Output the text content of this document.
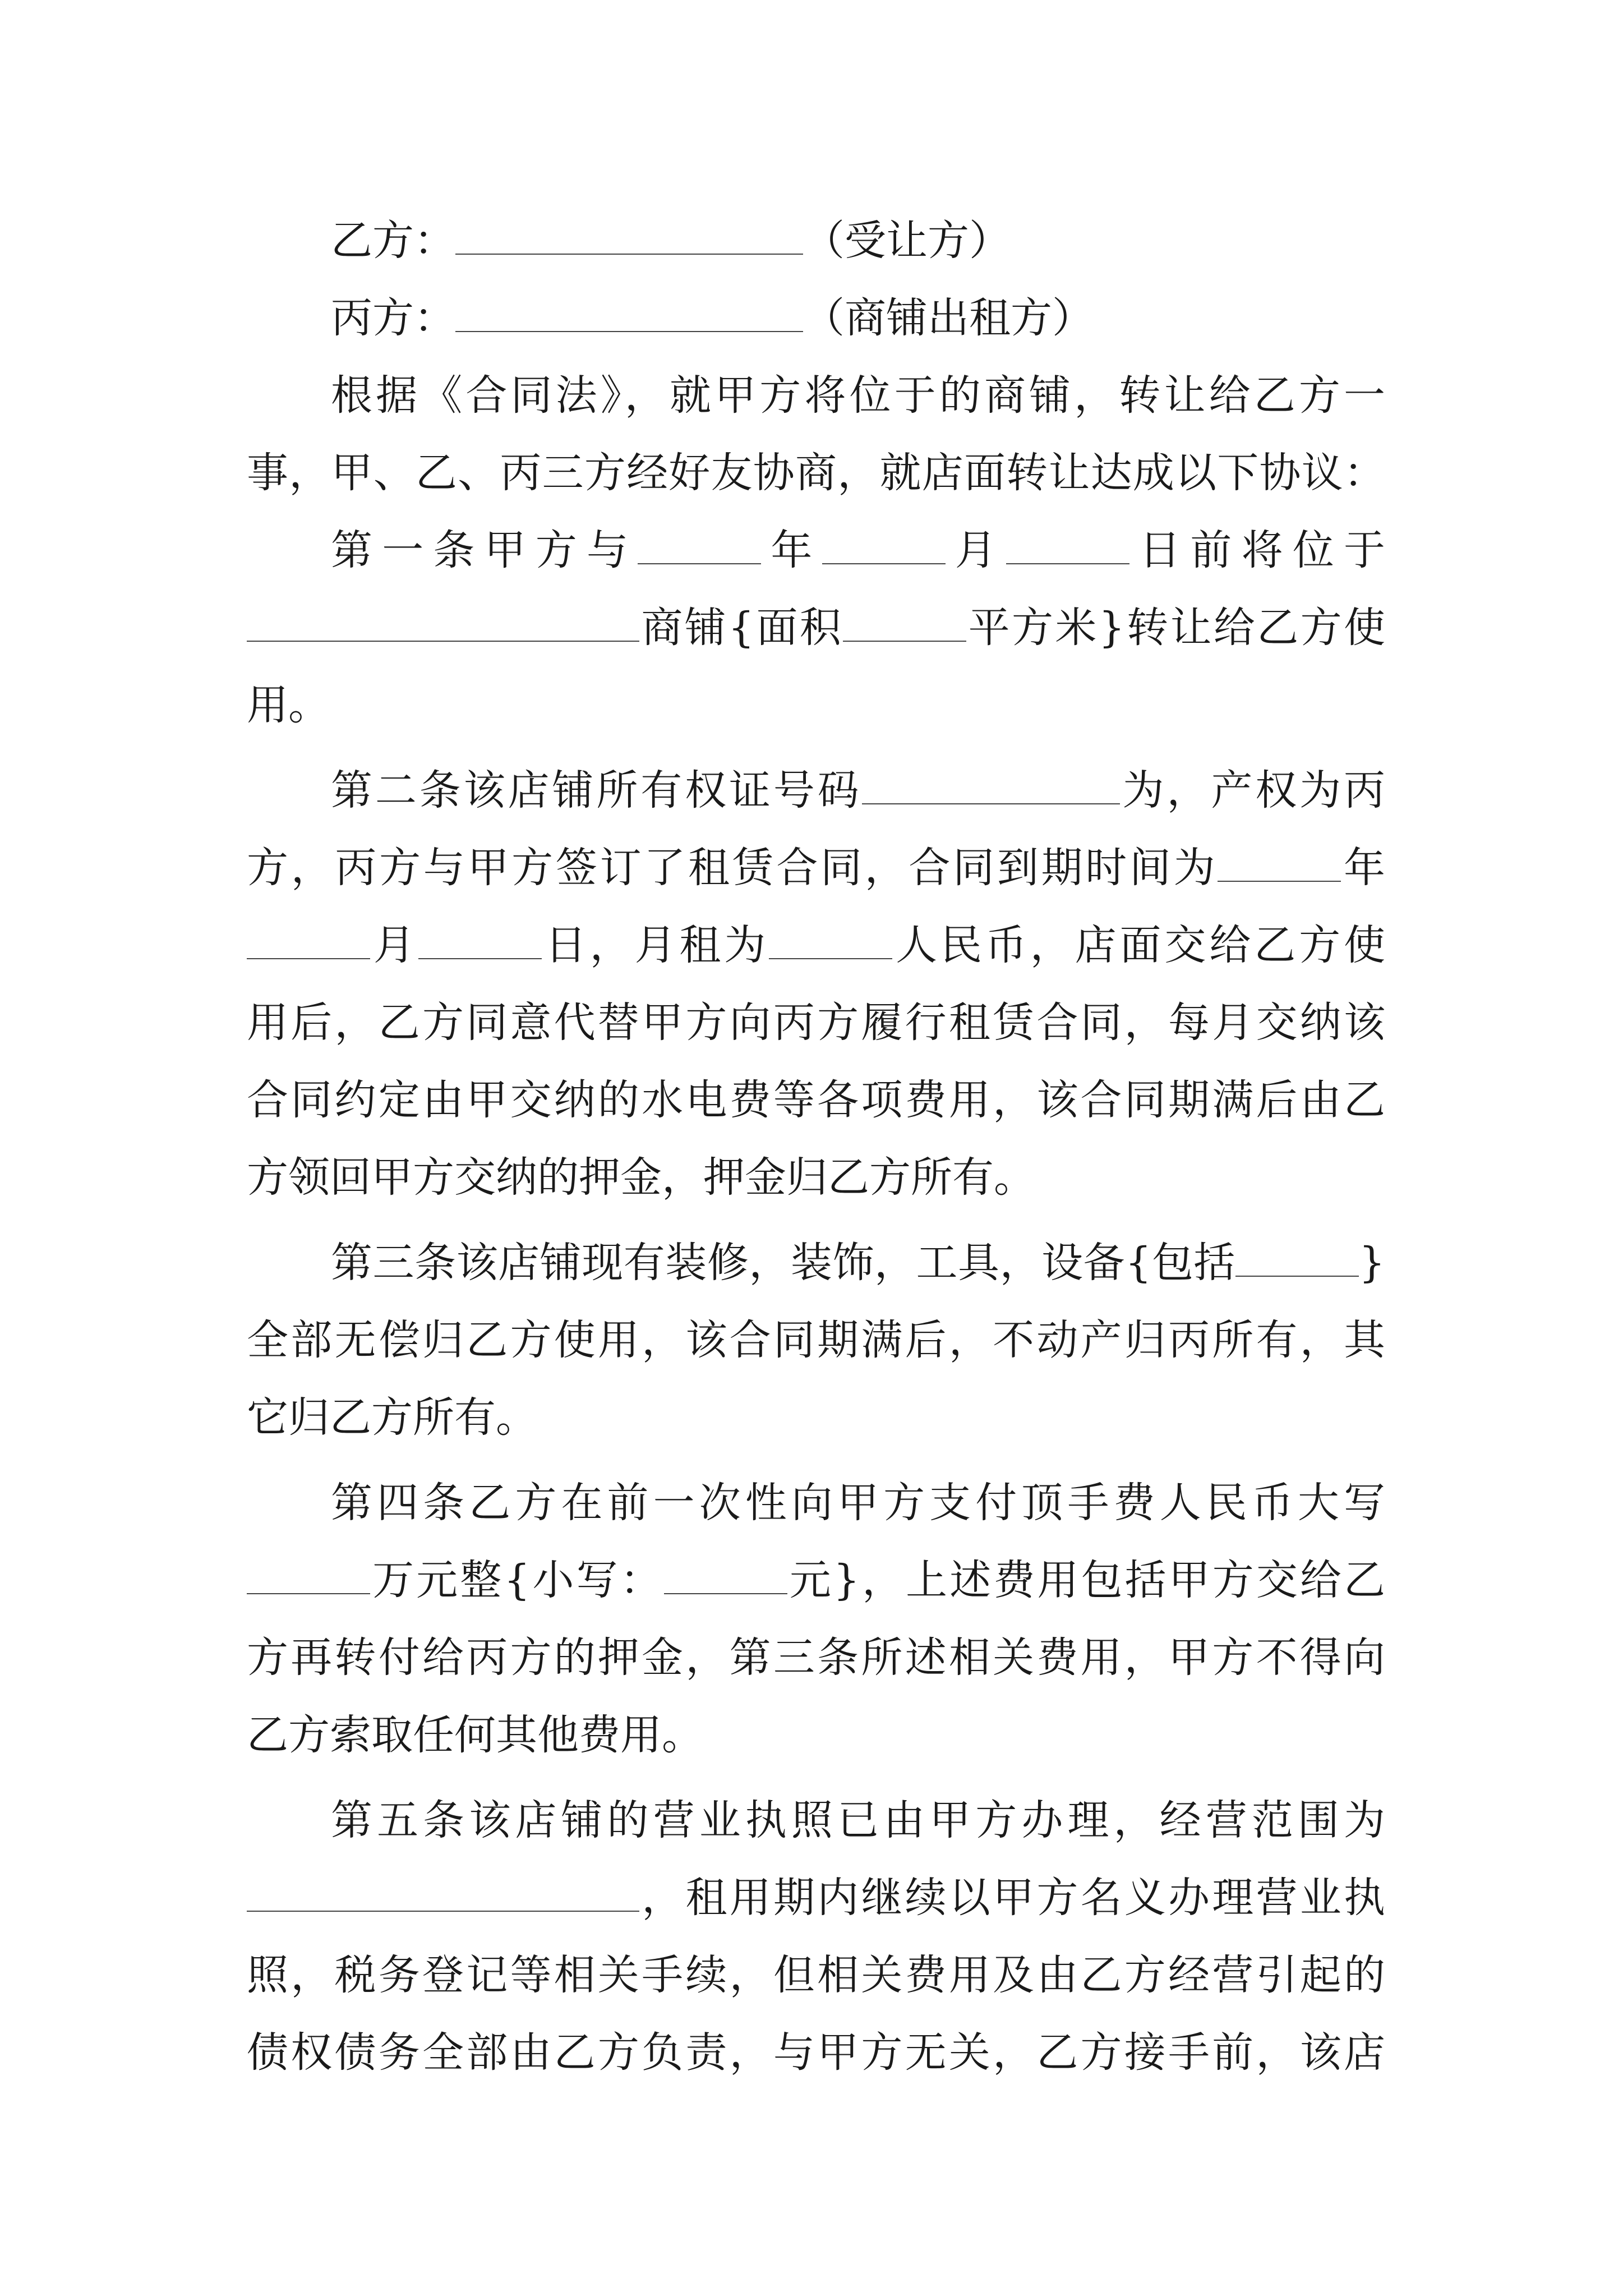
乙方：	（受让方）
丙方：	（商铺出租方）
根据《合同法》，就甲方将位于的商铺，转让给乙方一
事，甲、乙、丙三方经好友协商，就店面转让达成以下协议：
第一条甲方与	年	月	日前将位于
商铺{面积	平方米}转让给乙方使
用。
第二条该店铺所有权证号码	为，产权为丙
方，丙方与甲方签订了租赁合同，合同到期时间为	年
月	日，月租为	人民币，店面交给乙方使
用后，乙方同意代替甲方向丙方履行租赁合同，每月交纳该
合同约定由甲交纳的水电费等各项费用，该合同期满后由乙
方领回甲方交纳的押金，押金归乙方所有。
第三条该店铺现有装修，装饰，工具，设备{包括	}
全部无偿归乙方使用，该合同期满后，不动产归丙所有，其
它归乙方所有。
第四条乙方在前一次性向甲方支付顶手费人民币大写
万元整{小写：	元}，上述费用包括甲方交给乙
方再转付给丙方的押金，第三条所述相关费用，甲方不得向
乙方索取任何其他费用。
第五条该店铺的营业执照已由甲方办理，经营范围为
，租用期内继续以甲方名义办理营业执
照，税务登记等相关手续，但相关费用及由乙方经营引起的
债权债务全部由乙方负责，与甲方无关，乙方接手前，该店
